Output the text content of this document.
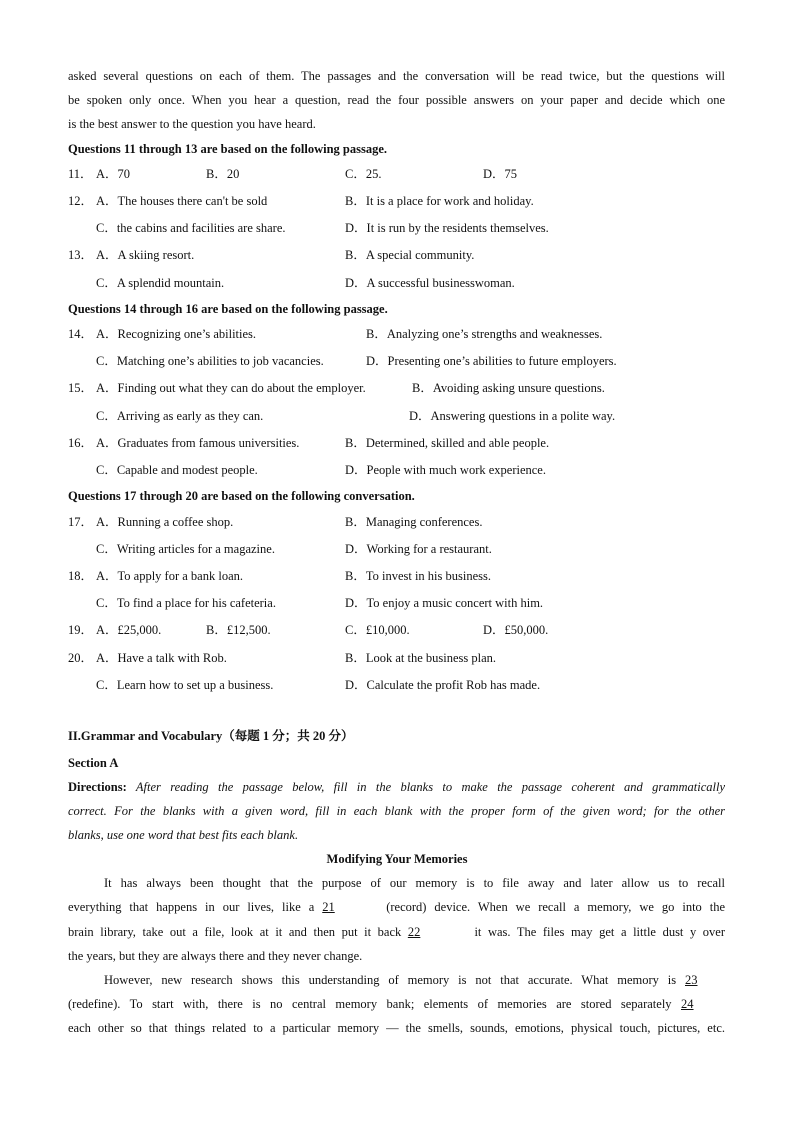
asked several questions on each of them. The passages and the conversation will be read twice, but the questions will
be spoken only once. When you hear a question, read the four possible answers on your paper and decide which one
is the best answer to the question you have heard.
Questions 11 through 13 are based on the following passage.
11． A．70	B．20	C．25.	D．75
12． A．The houses there can't be sold	B．It is a place for work and holiday.
C．the cabins and facilities are share.	D．It is run by the residents themselves.
13． A．A skiing resort.	B．A special community.
C．A splendid mountain.	D．A successful businesswoman.
Questions 14 through 16 are based on the following passage.
14． A．Recognizing one’s abilities.	B．Analyzing one’s strengths and weaknesses.
C．Matching one’s abilities to job vacancies.	D．Presenting one’s abilities to future employers.
15． A．Finding out what they can do about the employer.	B．Avoiding asking unsure questions.
C．Arriving as early as they can.	D．Answering questions in a polite way.
16． A．Graduates from famous universities.	B．Determined, skilled and able people.
C．Capable and modest people.	D．People with much work experience.
Questions 17 through 20 are based on the following conversation.
17． A．Running a coffee shop.	B．Managing conferences.
C．Writing articles for a magazine.	D．Working for a restaurant.
18． A．To apply for a bank loan.	B．To invest in his business.
C．To find a place for his cafeteria.	D．To enjoy a music concert with him.
19． A．£25,000.	B．£12,500.	C．£10,000.	D．£50,000.
20． A．Have a talk with Rob.	B．Look at the business plan.
C．Learn how to set up a business.	D．Calculate the profit Rob has made.
II.Grammar and Vocabulary（每题 1 分；共 20 分）
Section A
Directions: After reading the passage below, fill in the blanks to make the passage coherent and grammatically
correct. For the blanks with a given word, fill in each blank with the proper form of the given word; for the other
blanks, use one word that best fits each blank.
Modifying Your Memories
It has always been thought that the purpose of our memory is to file away and later allow us to recall
everything that happens in our lives, like a 21	(record) device. When we recall a memory, we go into the
brain library, take out a file, look at it and then put it back 22	it was. The files may get a little dust y over
the years, but they are always there and they never change.
However, new research shows this understanding of memory is not that accurate. What memory is 23
(redefine). To start with, there is no central memory bank; elements of memories are stored separately 24
each other so that things related to a particular memory — the smells, sounds, emotions, physical touch, pictures, etc.
